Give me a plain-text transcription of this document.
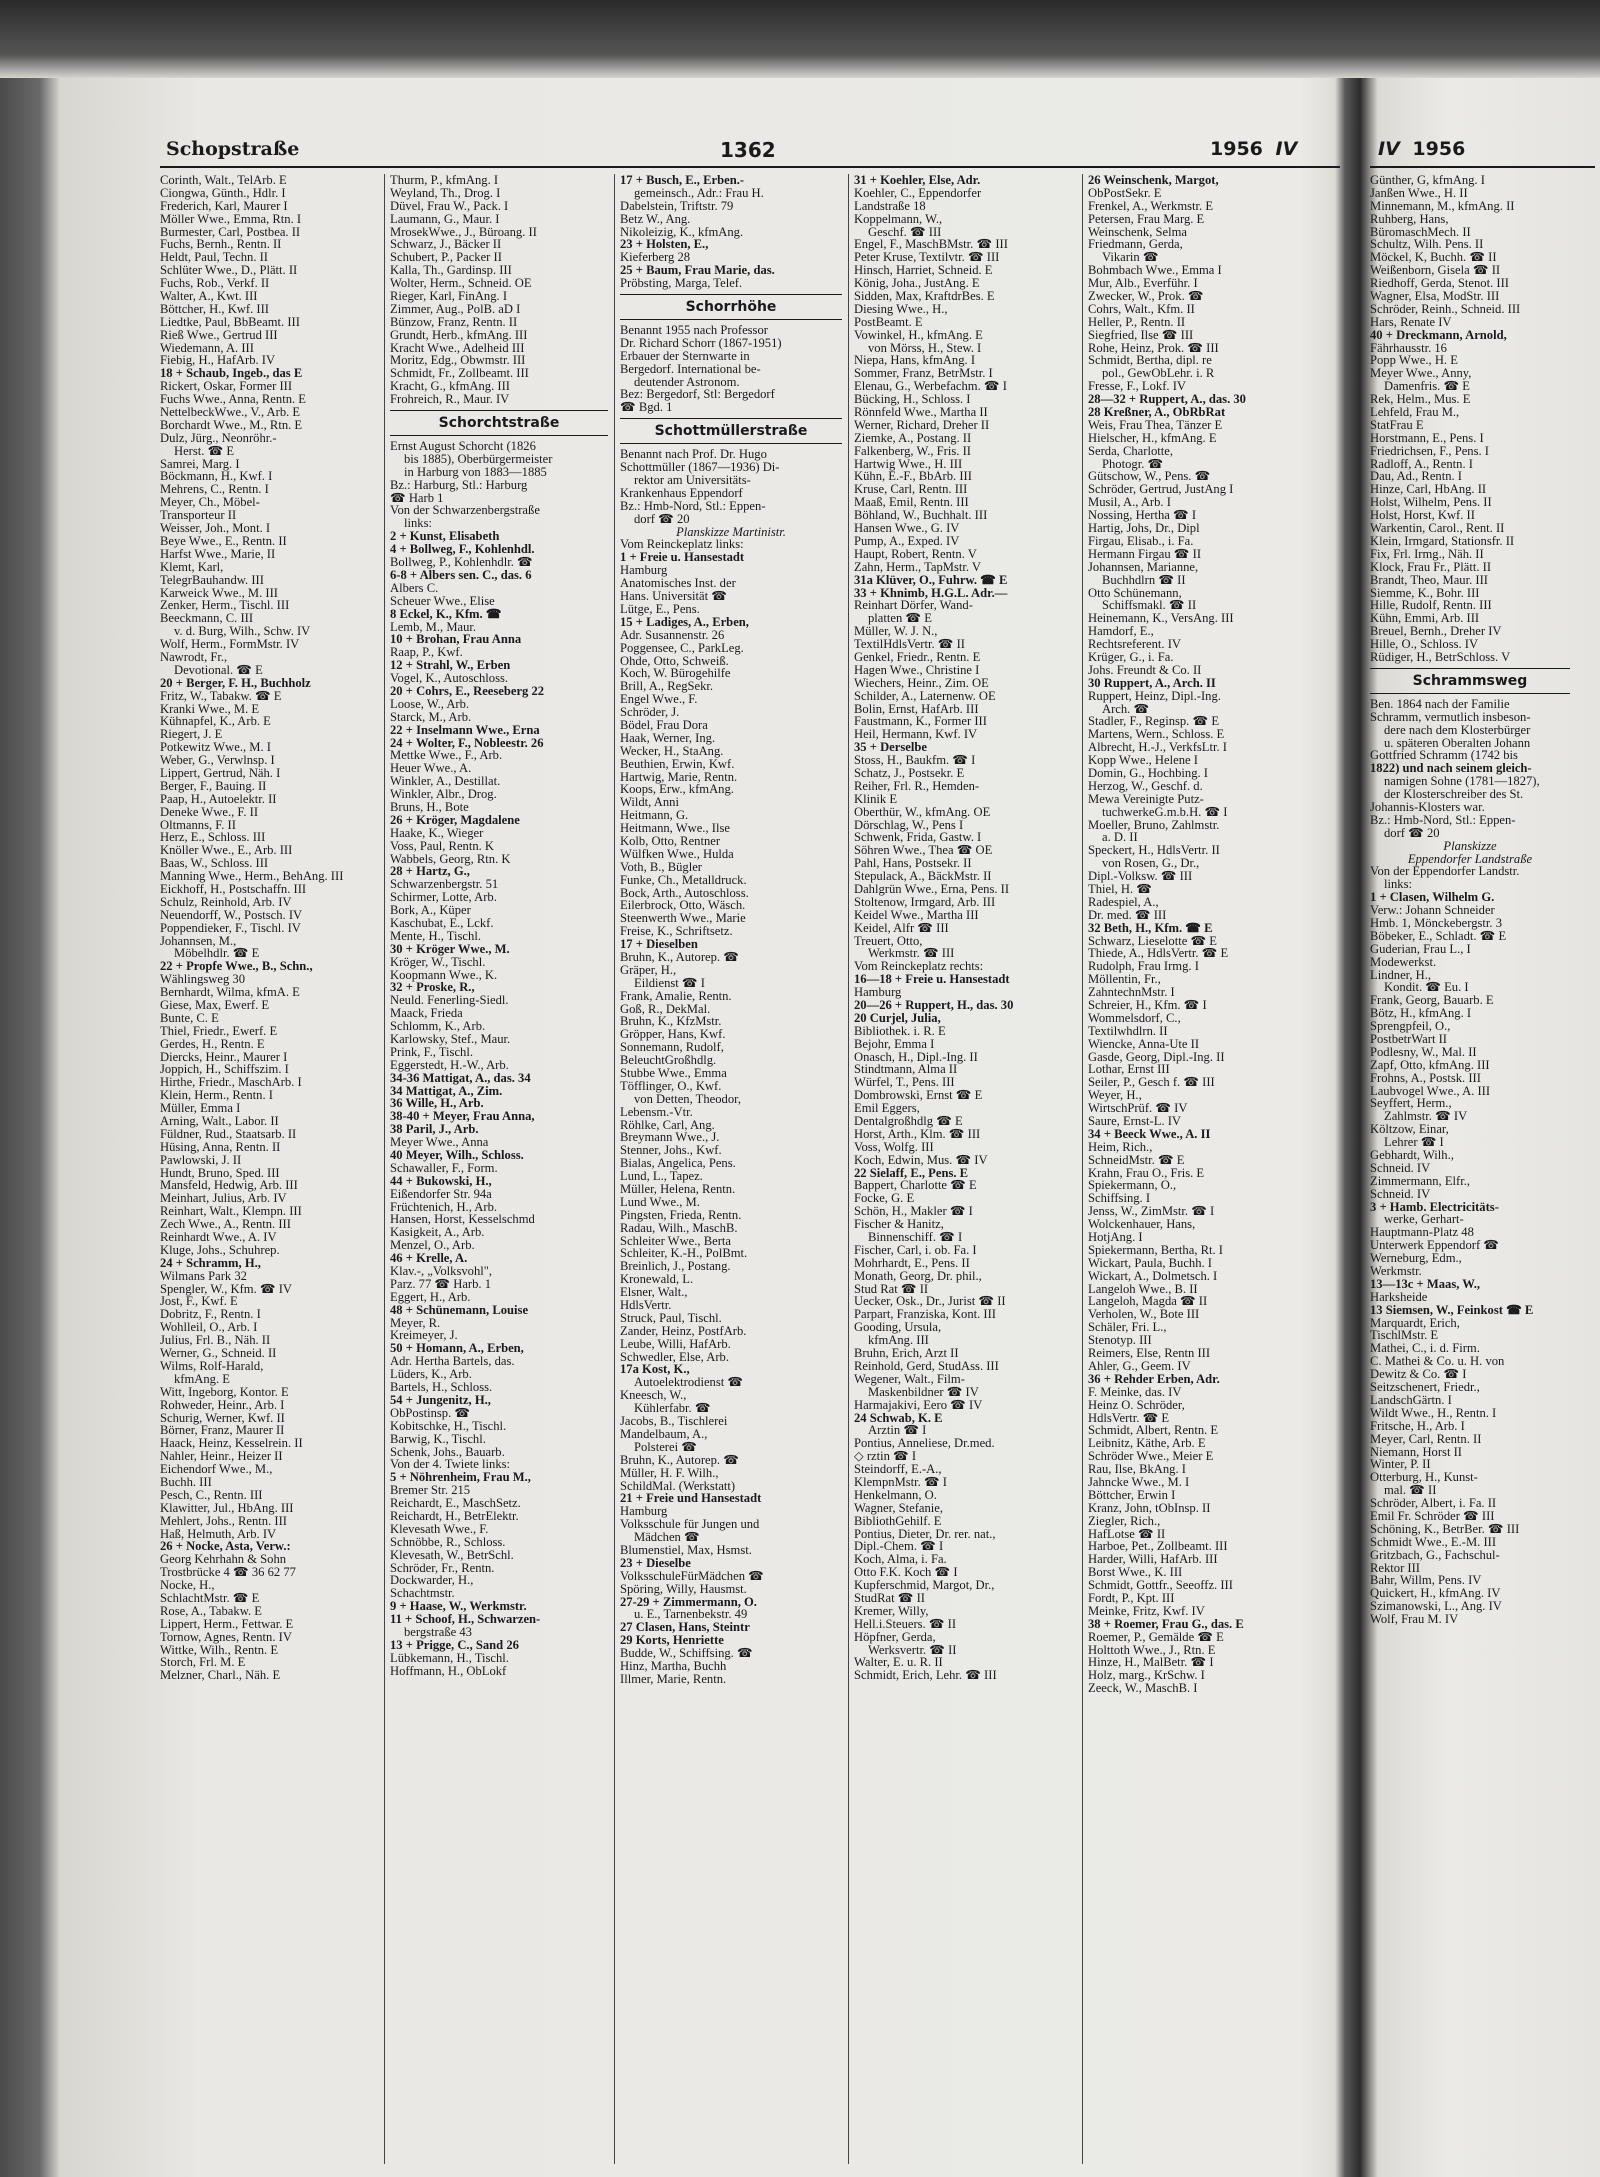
Schopstraße	1362	1956 IV
Corinth, Walt., TelArb. E
Ciongwa, Günth., Hdlr. I
Frederich, Karl, Maurer I
Möller Wwe., Emma, Rtn. I
Burmester, Carl, Postbea. II
Fuchs, Bernh., Rentn. II
Heldt, Paul, Techn. II
Schlüter Wwe., D., Plätt. II
Fuchs, Rob., Verkf. II
Walter, A., Kwt. III
Böttcher, H., Kwf. III
Liedtke, Paul, BbBeamt. III
Rieß Wwe., Gertrud III
Wiedemann, A. III
Fiebig, H., HafArb. IV
18 + Schaub, Ingeb., das E
Rickert, Oskar, Former III
Fuchs Wwe., Anna, Rentn. E
NettelbeckWwe., V., Arb. E
Borchardt Wwe., M., Rtn. E
Dulz, Jürg., Neonröhr.-
Herst. ☎ E
Samrei, Marg. I
Böckmann, H., Kwf. I
Mehrens, C., Rentn. I
Meyer, Ch., Möbel-
Transporteur II
Weisser, Joh., Mont. I
Beye Wwe., E., Rentn. II
Harfst Wwe., Marie, II
Klemt, Karl,
TelegrBauhandw. III
Karweick Wwe., M. III
Zenker, Herm., Tischl. III
Beeckmann, C. III
v. d. Burg, Wilh., Schw. IV
Wolf, Herm., FormMstr. IV
Nawrodt, Fr.,
Devotional. ☎ E
20 + Berger, F. H., Buchholz
Fritz, W., Tabakw. ☎ E
Kranki Wwe., M. E
Kühnapfel, K., Arb. E
Riegert, J. E
Potkewitz Wwe., M. I
Weber, G., Verwlnsp. I
Lippert, Gertrud, Näh. I
Berger, F., Bauing. II
Paap, H., Autoelektr. II
Deneke Wwe., F. II
Oltmanns, F. II
Herz, E., Schloss. III
Knöller Wwe., E., Arb. III
Baas, W., Schloss. III
Manning Wwe., Herm., BehAng. III
Eickhoff, H., Postschaffn. III
Schulz, Reinhold, Arb. IV
Neuendorff, W., Postsch. IV
Poppendieker, F., Tischl. IV
Johannsen, M.,
Möbelhdlr. ☎ E
22 + Propfe Wwe., B., Schn.,
Wählingsweg 30
Bernhardt, Wilma, kfmA. E
Giese, Max, Ewerf. E
Bunte, C. E
Thiel, Friedr., Ewerf. E
Gerdes, H., Rentn. E
Diercks, Heinr., Maurer I
Joppich, H., Schiffszim. I
Hirthe, Friedr., MaschArb. I
Klein, Herm., Rentn. I
Müller, Emma I
Arning, Walt., Labor. II
Füldner, Rud., Staatsarb. II
Hüsing, Anna, Rentn. II
Pawlowski, J. II
Hundt, Bruno, Sped. III
Mansfeld, Hedwig, Arb. III
Meinhart, Julius, Arb. IV
Reinhart, Walt., Klempn. III
Zech Wwe., A., Rentn. III
Reinhardt Wwe., A. IV
Kluge, Johs., Schuhrep.
24 + Schramm, H.,
Wilmans Park 32
Spengler, W., Kfm. ☎ IV
Jost, F., Kwf. E
Dobritz, F., Rentn. I
Wohlleil, O., Arb. I
Julius, Frl. B., Näh. II
Werner, G., Schneid. II
Wilms, Rolf-Harald,
kfmAng. E
Witt, Ingeborg, Kontor. E
Rohweder, Heinr., Arb. I
Schurig, Werner, Kwf. II
Börner, Franz, Maurer II
Haack, Heinz, Kesselrein. II
Nahler, Heinr., Heizer II
Eichendorf Wwe., M.,
Buchh. III
Pesch, C., Rentn. III
Klawitter, Jul., HbAng. III
Mehlert, Johs., Rentn. III
Haß, Helmuth, Arb. IV
26 + Nocke, Asta, Verw.:
Georg Kehrhahn & Sohn
Trostbrücke 4 ☎ 36 62 77
Nocke, H.,
SchlachtMstr. ☎ E
Rose, A., Tabakw. E
Lippert, Herm., Fettwar. E
Tornow, Agnes, Rentn. IV
Wittke, Wilh., Rentn. E
Storch, Frl. M. E
Melzner, Charl., Näh. E
Thurm, P., kfmAng. I
Weyland, Th., Drog. I
Düvel, Frau W., Pack. I
Laumann, G., Maur. I
MrosekWwe., J., Büroang. II
Schwarz, J., Bäcker II
Schubert, P., Packer II
Kalla, Th., Gardinsp. III
Wolter, Herm., Schneid. OE
Rieger, Karl, FinAng. I
Zimmer, Aug., PolB. aD I
Bünzow, Franz, Rentn. II
Grundt, Herb., kfmAng. III
Kracht Wwe., Adelheid III
Moritz, Edg., Obwmstr. III
Schmidt, Fr., Zollbeamt. III
Kracht, G., kfmAng. III
Frohreich, R., Maur. IV
Schorchtstraße
Ernst August Schorcht (1826
bis 1885), Oberbürgermeister
in Harburg von 1883—1885
Bz.: Harburg, Stl.: Harburg
☎ Harb 1
Von der Schwarzenbergstraße
links:
2 + Kunst, Elisabeth
4 + Bollweg, F., Kohlenhdl.
Bollweg, P., Kohlenhdlr. ☎
6-8 + Albers sen. C., das. 6
Albers C.
Scheuer Wwe., Elise
8 Eckel, K., Kfm. ☎
Lemb, M., Maur.
10 + Brohan, Frau Anna
Raap, P., Kwf.
12 + Strahl, W., Erben
Vogel, K., Autoschloss.
20 + Cohrs, E., Reeseberg 22
Loose, W., Arb.
Starck, M., Arb.
22 + Inselmann Wwe., Erna
24 + Wolter, F., Nobleestr. 26
Mettke Wwe., F., Arb.
Heuer Wwe., A.
Winkler, A., Destillat.
Winkler, Albr., Drog.
Bruns, H., Bote
26 + Kröger, Magdalene
Haake, K., Wieger
Voss, Paul, Rentn. K
Wabbels, Georg, Rtn. K
28 + Hartz, G.,
Schwarzenbergstr. 51
Schirmer, Lotte, Arb.
Bork, A., Küper
Kaschubat, E., Lckf.
Mente, H., Tischl.
30 + Kröger Wwe., M.
Kröger, W., Tischl.
Koopmann Wwe., K.
32 + Proske, R.,
Neuld. Fenerling-Siedl.
Maack, Frieda
Schlomm, K., Arb.
Karlowsky, Stef., Maur.
Prink, F., Tischl.
Eggerstedt, H.-W., Arb.
34-36 Mattigat, A., das. 34
34 Mattigat, A., Zim.
36 Wille, H., Arb.
38-40 + Meyer, Frau Anna,
38 Paril, J., Arb.
Meyer Wwe., Anna
40 Meyer, Wilh., Schloss.
Schawaller, F., Form.
44 + Bukowski, H.,
Eißendorfer Str. 94a
Früchtenich, H., Arb.
Hansen, Horst, Kesselschmd
Kasigkeit, A., Arb.
Menzel, O., Arb.
46 + Krelle, A.
Klav.-, „Volksvohl",
Parz. 77 ☎ Harb. 1
Eggert, H., Arb.
48 + Schünemann, Louise
Meyer, R.
Kreimeyer, J.
50 + Homann, A., Erben,
Adr. Hertha Bartels, das.
Lüders, K., Arb.
Bartels, H., Schloss.
54 + Jungenitz, H.,
ObPostinsp. ☎
Kobitschke, H., Tischl.
Barwig, K., Tischl.
Schenk, Johs., Bauarb.
Von der 4. Twiete links:
5 + Nöhrenheim, Frau M.,
Bremer Str. 215
Reichardt, E., MaschSetz.
Reichardt, H., BetrElektr.
Klevesath Wwe., F.
Schnöbbe, R., Schloss.
Klevesath, W., BetrSchl.
Schröder, Fr., Rentn.
Dockwarder, H.,
Schachtmstr.
9 + Haase, W., Werkmstr.
11 + Schoof, H., Schwarzen-
bergstraße 43
13 + Prigge, C., Sand 26
Lübkemann, H., Tischl.
Hoffmann, H., ObLokf
17 + Busch, E., Erben.-
gemeinsch., Adr.: Frau H.
Dabelstein, Triftstr. 79
Betz W., Ang.
Nikoleizig, K., kfmAng.
23 + Holsten, E.,
Kieferberg 28
25 + Baum, Frau Marie, das.
Pröbsting, Marga, Telef.
Schorrhöhe
Benannt 1955 nach Professor
Dr. Richard Schorr (1867-1951)
Erbauer der Sternwarte in
Bergedorf. International be-
deutender Astronom.
Bez: Bergedorf, Stl: Bergedorf
☎ Bgd. 1
Schottmüllerstraße
Benannt nach Prof. Dr. Hugo
Schottmüller (1867—1936) Di-
rektor am Universitäts-
Krankenhaus Eppendorf
Bz.: Hmb-Nord, Stl.: Eppen-
dorf ☎ 20
Planskizze Martinistr.
Vom Reinckeplatz links:
1 + Freie u. Hansestadt
Hamburg
Anatomisches Inst. der
Hans. Universität ☎
Lütge, E., Pens.
15 + Ladiges, A., Erben,
Adr. Susannenstr. 26
Poggensee, C., ParkLeg.
Ohde, Otto, Schweiß.
Koch, W. Bürogehilfe
Brill, A., RegSekr.
Engel Wwe., F.
Schröder, J.
Bödel, Frau Dora
Haak, Werner, Ing.
Wecker, H., StaAng.
Beuthien, Erwin, Kwf.
Hartwig, Marie, Rentn.
Koops, Erw., kfmAng.
Wildt, Anni
Heitmann, G.
Heitmann, Wwe., Ilse
Kolb, Otto, Rentner
Wülfken Wwe., Hulda
Voth, B., Bügler
Funke, Ch., Metalldruck.
Bock, Arth., Autoschloss.
Eilerbrock, Otto, Wäsch.
Steenwerth Wwe., Marie
Freise, K., Schriftsetz.
17 + Dieselben
Bruhn, K., Autorep. ☎
Gräper, H.,
Eildienst ☎ I
Frank, Amalie, Rentn.
Goß, R., DekMal.
Bruhn, K., KfzMstr.
Gröpper, Hans, Kwf.
Sonnemann, Rudolf,
BeleuchtGroßhdlg.
Stubbe Wwe., Emma
Töfflinger, O., Kwf.
von Detten, Theodor,
Lebensm.-Vtr.
Röhlke, Carl, Ang.
Breymann Wwe., J.
Stenner, Johs., Kwf.
Bialas, Angelica, Pens.
Lund, L., Tapez.
Müller, Helena, Rentn.
Lund Wwe., M.
Pingsten, Frieda, Rentn.
Radau, Wilh., MaschB.
Schleiter Wwe., Berta
Schleiter, K.-H., PolBmt.
Breinlich, J., Postang.
Kronewald, L.
Elsner, Walt.,
HdlsVertr.
Struck, Paul, Tischl.
Zander, Heinz, PostfArb.
Leube, Willi, HafArb.
Schwedler, Else, Arb.
17a Kost, K.,
Autoelektrodienst ☎
Kneesch, W.,
Kühlerfabr. ☎
Jacobs, B., Tischlerei
Mandelbaum, A.,
Polsterei ☎
Bruhn, K., Autorep. ☎
Müller, H. F. Wilh.,
SchildMal. (Werkstatt)
21 + Freie und Hansestadt
Hamburg
Volksschule für Jungen und
Mädchen ☎
Blumenstiel, Max, Hsmst.
23 + Dieselbe
VolksschuleFürMädchen ☎
Spöring, Willy, Hausmst.
27-29 + Zimmermann, O.
u. E., Tarnenbekstr. 49
27 Clasen, Hans, Steintr
29 Korts, Henriette
Budde, W., Schiffsing. ☎
Hinz, Martha, Buchh
Illmer, Marie, Rentn.
31 + Koehler, Else, Adr.
Koehler, C., Eppendorfer
Landstraße 18
Koppelmann, W.,
Geschf. ☎ III
Engel, F., MaschBMstr. ☎ III
Peter Kruse, Textilvtr. ☎ III
Hinsch, Harriet, Schneid. E
König, Joha., JustAng. E
Sidden, Max, KraftdrBes. E
Diesing Wwe., H.,
PostBeamt. E
Vowinkel, H., kfmAng. E
von Mörss, H., Stew. I
Niepa, Hans, kfmAng. I
Sommer, Franz, BetrMstr. I
Elenau, G., Werbefachm. ☎ I
Bücking, H., Schloss. I
Rönnfeld Wwe., Martha II
Werner, Richard, Dreher II
Ziemke, A., Postang. II
Falkenberg, W., Fris. II
Hartwig Wwe., H. III
Kühn, E.-F., BbArb. III
Kruse, Carl, Rentn. III
Maaß, Emil, Rentn. III
Böhland, W., Buchhalt. III
Hansen Wwe., G. IV
Pump, A., Exped. IV
Haupt, Robert, Rentn. V
Zahn, Herm., TapMstr. V
31a Klüver, O., Fuhrw. ☎ E
33 + Khnimb, H.G.L. Adr.—
Reinhart Dörfer, Wand-
platten ☎ E
Müller, W. J. N.,
TextilHdlsVertr. ☎ II
Genkel, Friedr., Rentn. E
Hagen Wwe., Christine I
Wiechers, Heinr., Zim. OE
Schilder, A., Laternenw. OE
Bolin, Ernst, HafArb. III
Faustmann, K., Former III
Heil, Hermann, Kwf. IV
35 + Derselbe
Stoss, H., Baukfm. ☎ I
Schatz, J., Postsekr. E
Reiher, Frl. R., Hemden-
Klinik E
Oberthür, W., kfmAng. OE
Dörschlag, W., Pens I
Schwenk, Frida, Gastw. I
Söhren Wwe., Thea ☎ OE
Pahl, Hans, Postsekr. II
Stepulack, A., BäckMstr. II
Dahlgrün Wwe., Erna, Pens. II
Stoltenow, Irmgard, Arb. III
Keidel Wwe., Martha III
Keidel, Alfr ☎ III
Treuert, Otto,
Werkmstr. ☎ III
Vom Reinckeplatz rechts:
16—18 + Freie u. Hansestadt
Hamburg
20—26 + Ruppert, H., das. 30
20 Curjel, Julia,
Bibliothek. i. R. E
Bejohr, Emma I
Onasch, H., Dipl.-Ing. II
Stindtmann, Alma II
Würfel, T., Pens. III
Dombrowski, Ernst ☎ E
Emil Eggers,
Dentalgroßhdlg ☎ E
Horst, Arth., Klm. ☎ III
Voss, Wolfg. III
Koch, Edwin, Mus. ☎ IV
22 Sielaff, E., Pens. E
Bappert, Charlotte ☎ E
Focke, G. E
Schön, H., Makler ☎ I
Fischer & Hanitz,
Binnenschiff. ☎ I
Fischer, Carl, i. ob. Fa. I
Mohrhardt, E., Pens. II
Monath, Georg, Dr. phil.,
Stud Rat ☎ II
Uecker, Osk., Dr., Jurist ☎ II
Parpart, Franziska, Kont. III
Gooding, Ursula,
kfmAng. III
Bruhn, Erich, Arzt II
Reinhold, Gerd, StudAss. III
Wegener, Walt., Film-
Maskenbildner ☎ IV
Harmajakivi, Eero ☎ IV
24 Schwab, K. E
Arztin ☎ I
Pontius, Anneliese, Dr.med.
◇ rztin ☎ I
Steindorff, E.-A.,
KlempnMstr. ☎ I
Henkelmann, O.
Wagner, Stefanie,
BibliothGehilf. E
Pontius, Dieter, Dr. rer. nat.,
Dipl.-Chem. ☎ I
Koch, Alma, i. Fa.
Otto F.K. Koch ☎ I
Kupferschmid, Margot, Dr.,
StudRat ☎ II
Kremer, Willy,
Hell.i.Steuers. ☎ II
Höpfner, Gerda,
Werksvertr. ☎ II
Walter, E. u. R. II
Schmidt, Erich, Lehr. ☎ III
26 Weinschenk, Margot,
ObPostSekr. E
Frenkel, A., Werkmstr. E
Petersen, Frau Marg. E
Weinschenk, Selma
Friedmann, Gerda,
Vikarin ☎
Bohmbach Wwe., Emma I
Mur, Alb., Everführ. I
Zwecker, W., Prok. ☎
Cohrs, Walt., Kfm. II
Heller, P., Rentn. II
Siegfried, Ilse ☎ III
Rohe, Heinz, Prok. ☎ III
Schmidt, Bertha, dipl. re
pol., GewObLehr. i. R
Fresse, F., Lokf. IV
28—32 + Ruppert, A., das. 30
28 Kreßner, A., ObRbRat
Weis, Frau Thea, Tänzer E
Hielscher, H., kfmAng. E
Serda, Charlotte,
Photogr. ☎
Gütschow, W., Pens. ☎
Schröder, Gertrud, JustAng I
Musil, A., Arb. I
Nossing, Hertha ☎ I
Hartig, Johs, Dr., Dipl
Firgau, Elisab., i. Fa.
Hermann Firgau ☎ II
Johannsen, Marianne,
Buchhdlrn ☎ II
Otto Schünemann,
Schiffsmakl. ☎ II
Heinemann, K., VersAng. III
Hamdorf, E.,
Rechtsreferent. IV
Krüger, G., i. Fa.
Johs. Freundt & Co. II
30 Ruppert, A., Arch. II
Ruppert, Heinz, Dipl.-Ing.
Arch. ☎
Stadler, F., Reginsp. ☎ E
Martens, Wern., Schloss. E
Albrecht, H.-J., VerkfsLtr. I
Kopp Wwe., Helene I
Domin, G., Hochbing. I
Herzog, W., Geschf. d.
Mewa Vereinigte Putz-
tuchwerkeG.m.b.H. ☎ I
Moeller, Bruno, Zahlmstr.
a. D. II
Speckert, H., HdlsVertr. II
von Rosen, G., Dr.,
Dipl.-Volksw. ☎ III
Thiel, H. ☎
Radespiel, A.,
Dr. med. ☎ III
32 Beth, H., Kfm. ☎ E
Schwarz, Lieselotte ☎ E
Thiede, A., HdlsVertr. ☎ E
Rudolph, Frau Irmg. I
Möllentin, Fr.,
ZahntechnMstr. I
Schreier, H., Kfm. ☎ I
Wommelsdorf, C.,
Textilwhdlrn. II
Wiencke, Anna-Ute II
Gasde, Georg, Dipl.-Ing. II
Lothar, Ernst III
Seiler, P., Gesch f. ☎ III
Weyer, H.,
WirtschPrüf. ☎ IV
Saure, Ernst-L. IV
34 + Beeck Wwe., A. II
Heim, Rich.,
SchneidMstr. ☎ E
Krahn, Frau O., Fris. E
Spiekermann, O.,
Schiffsing. I
Jenss, W., ZimMstr. ☎ I
Wolckenhauer, Hans,
HotjAng. I
Spiekermann, Bertha, Rt. I
Wickart, Paula, Buchh. I
Wickart, A., Dolmetsch. I
Langeloh Wwe., B. II
Langeloh, Magda ☎ II
Verholen, W., Bote III
Schäler, Fri. L.,
Stenotyp. III
Reimers, Else, Rentn III
Ahler, G., Geem. IV
36 + Rehder Erben, Adr.
F. Meinke, das. IV
Heinz O. Schröder,
HdlsVertr. ☎ E
Schmidt, Albert, Rentn. E
Leibnitz, Käthe, Arb. E
Schröder Wwe., Meier E
Rau, Ilse, BkAng. I
Jahncke Wwe., M. I
Böttcher, Erwin I
Kranz, John, tObInsp. II
Ziegler, Rich.,
HafLotse ☎ II
Harboe, Pet., Zollbeamt. III
Harder, Willi, HafArb. III
Borst Wwe., K. III
Schmidt, Gottfr., Seeoffz. III
Fordt, P., Kpt. III
Meinke, Fritz, Kwf. IV
38 + Roemer, Frau G., das. E
Roemer, P., Gemälde ☎ E
Holttoth Wwe., J., Rtn. E
Hinze, H., MalBetr. ☎ I
Holz, marg., KrSchw. I
Zeeck, W., MaschB. I
IV 1956
Günther, G, kfmAng. I
Janßen Wwe., H. II
Minnemann, M., kfmAng. II
Ruhberg, Hans,
BüromaschMech. II
Schultz, Wilh. Pens. II
Möckel, K, Buchh. ☎ II
Weißenborn, Gisela ☎ II
Riedhoff, Gerda, Stenot. III
Wagner, Elsa, ModStr. III
Schröder, Reinh., Schneid. III
Hars, Renate IV
40 + Dreckmann, Arnold,
Fährhausstr. 16
Popp Wwe., H. E
Meyer Wwe., Anny,
Damenfris. ☎ E
Rek, Helm., Mus. E
Lehfeld, Frau M.,
StatFrau E
Horstmann, E., Pens. I
Friedrichsen, F., Pens. I
Radloff, A., Rentn. I
Dau, Ad., Rentn. I
Hinze, Carl, HbAng. II
Holst, Wilhelm, Pens. II
Holst, Horst, Kwf. II
Warkentin, Carol., Rent. II
Klein, Irmgard, Stationsfr. II
Fix, Frl. Irmg., Näh. II
Klock, Frau Fr., Plätt. II
Brandt, Theo, Maur. III
Siemme, K., Bohr. III
Hille, Rudolf, Rentn. III
Kühn, Emmi, Arb. III
Breuel, Bernh., Dreher IV
Hille, O., Schloss. IV
Rüdiger, H., BetrSchloss. V
Schrammsweg
Ben. 1864 nach der Familie
Schramm, vermutlich insbeson-
dere nach dem Klosterbürger
u. späteren Oberalten Johann
Gottfried Schramm (1742 bis
1822) und nach seinem gleich-
namigen Sohne (1781—1827),
der Klosterschreiber des St.
Johannis-Klosters war.
Bz.: Hmb-Nord, Stl.: Eppen-
dorf ☎ 20
Planskizze
Eppendorfer Landstraße
Von der Eppendorfer Landstr.
links:
1 + Clasen, Wilhelm G.
Verw.: Johann Schneider
Hmb. 1, Mönckebergstr. 3
Böbeker, E., Schladt. ☎ E
Guderian, Frau L., I
Modewerkst.
Lindner, H.,
Kondit. ☎ Eu. I
Frank, Georg, Bauarb. E
Bötz, H., kfmAng. I
Sprengpfeil, O.,
PostbetrWart II
Podlesny, W., Mal. II
Zapf, Otto, kfmAng. III
Frohns, A., Postsk. III
Laubvogel Wwe., A. III
Seyffert, Herm.,
Zahlmstr. ☎ IV
Költzow, Einar,
Lehrer ☎ I
Gebhardt, Wilh.,
Schneid. IV
Zimmermann, Elfr.,
Schneid. IV
3 + Hamb. Electricitäts-
werke, Gerhart-
Hauptmann-Platz 48
Unterwerk Eppendorf ☎
Werneburg, Edm.,
Werkmstr.
13—13c + Maas, W.,
Harksheide
13 Siemsen, W., Feinkost ☎ E
Marquardt, Erich,
TischlMstr. E
Mathei, C., i. d. Firm.
C. Mathei & Co. u. H. von
Dewitz & Co. ☎ I
Seitzschenert, Friedr.,
LandschGärtn. I
Wildt Wwe., H., Rentn. I
Fritsche, H., Arb. I
Meyer, Carl, Rentn. II
Niemann, Horst II
Winter, P. II
Otterburg, H., Kunst-
mal. ☎ II
Schröder, Albert, i. Fa. II
Emil Fr. Schröder ☎ III
Schöning, K., BetrBer. ☎ III
Schmidt Wwe., E.-M. III
Gritzbach, G., Fachschul-
Rektor III
Bahr, Willm, Pens. IV
Quickert, H., kfmAng. IV
Szimanowski, L., Ang. IV
Wolf, Frau M. IV
